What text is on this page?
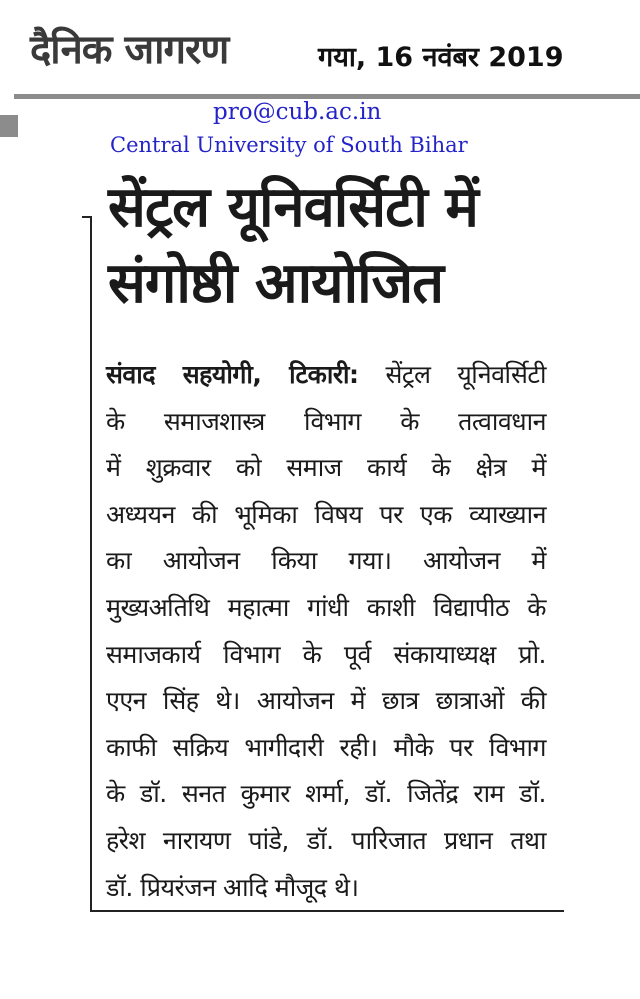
दैनिक जागरण	गया, 16 नवंबर 2019
pro@cub.ac.in
Central University of South Bihar
सेंट्रल यूनिवर्सिटी में
संगोष्ठी आयोजित
संवाद सहयोगी, टिकारी: सेंट्रल यूनिवर्सिटी
के समाजशास्त्र विभाग के तत्वावधान
में शुक्रवार को समाज कार्य के क्षेत्र में
अध्ययन की भूमिका विषय पर एक व्याख्यान
का आयोजन किया गया। आयोजन में
मुख्यअतिथि महात्मा गांधी काशी विद्यापीठ के
समाजकार्य विभाग के पूर्व संकायाध्यक्ष प्रो.
एएन सिंह थे। आयोजन में छात्र छात्राओं की
काफी सक्रिय भागीदारी रही। मौके पर विभाग
के डॉ. सनत कुमार शर्मा, डॉ. जितेंद्र राम डॉ.
हरेश नारायण पांडे, डॉ. पारिजात प्रधान तथा
डॉ. प्रियरंजन आदि मौजूद थे।
